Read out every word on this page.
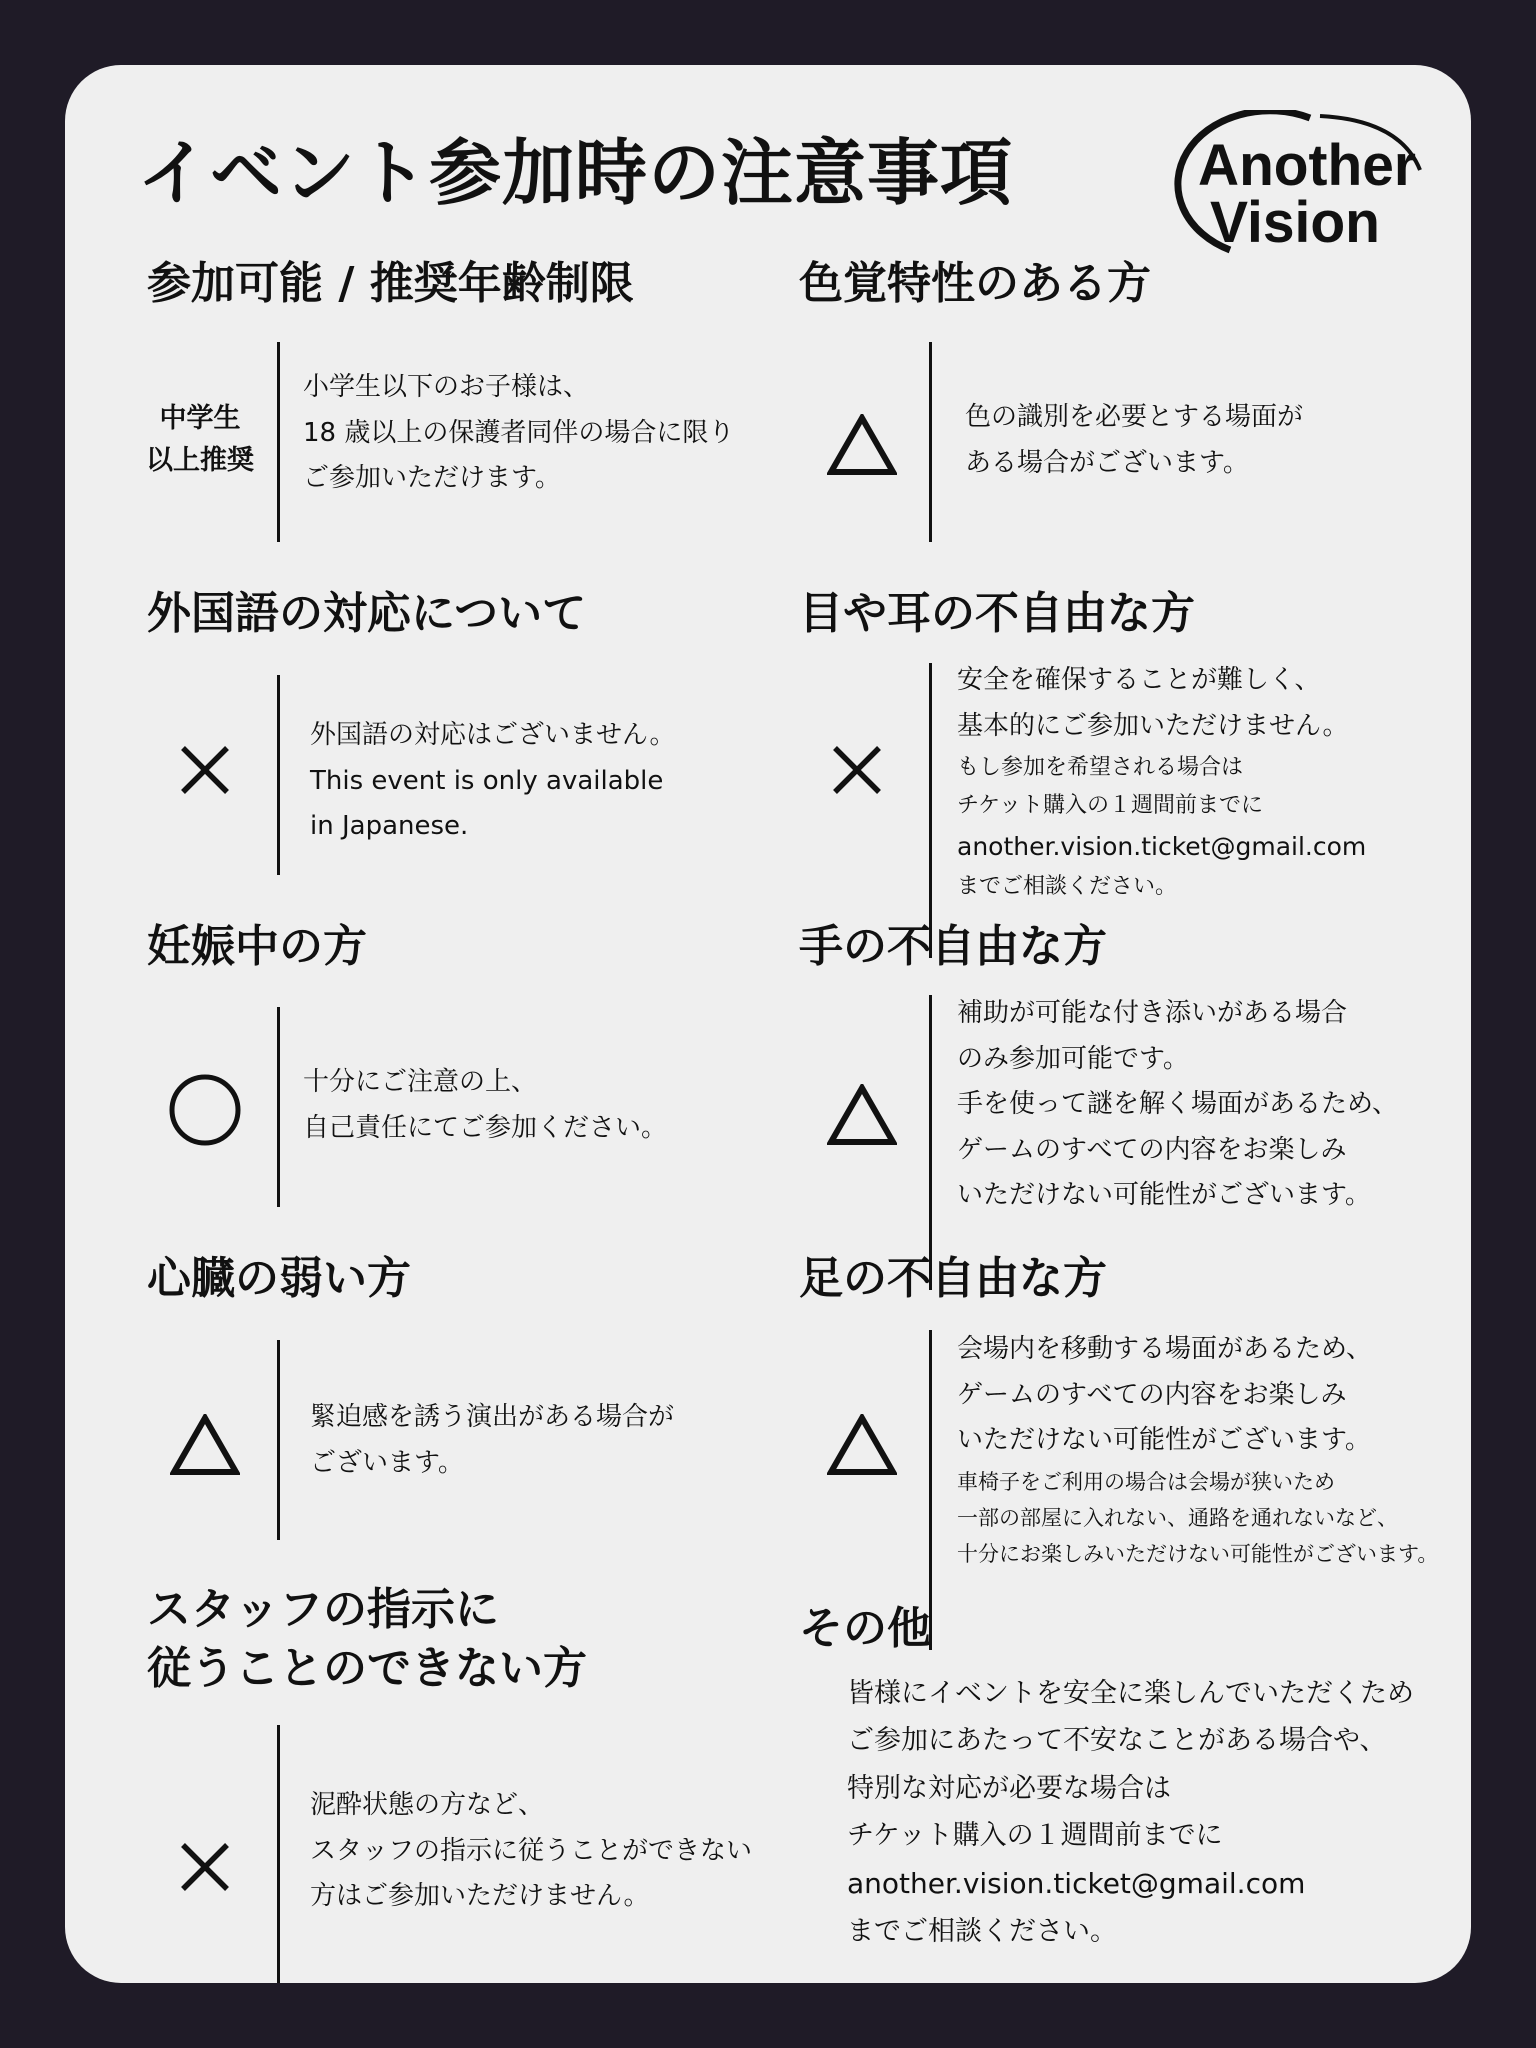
イベント参加時の注意事項	Another
Vision
参加可能 / 推奨年齢制限
中学生
以上推奨
小学生以下のお子様は、
18 歳以上の保護者同伴の場合に限り
ご参加いただけます。
色覚特性のある方
色の識別を必要とする場面が
ある場合がございます。
外国語の対応について
外国語の対応はございません。
This event is only available
in Japanese.
目や耳の不自由な方
安全を確保することが難しく、
基本的にご参加いただけません。
もし参加を希望される場合は
チケット購入の１週間前までに
another.vision.ticket@gmail.com
までご相談ください。
妊娠中の方
十分にご注意の上、
自己責任にてご参加ください。
手の不自由な方
補助が可能な付き添いがある場合
のみ参加可能です。
手を使って謎を解く場面があるため、
ゲームのすべての内容をお楽しみ
いただけない可能性がございます。
心臓の弱い方
緊迫感を誘う演出がある場合が
ございます。
足の不自由な方
会場内を移動する場面があるため、
ゲームのすべての内容をお楽しみ
いただけない可能性がございます。
車椅子をご利用の場合は会場が狭いため
一部の部屋に入れない、通路を通れないなど、
十分にお楽しみいただけない可能性がございます。
スタッフの指示に
従うことのできない方
泥酔状態の方など、
スタッフの指示に従うことができない
方はご参加いただけません。
その他
皆様にイベントを安全に楽しんでいただくため
ご参加にあたって不安なことがある場合や、
特別な対応が必要な場合は
チケット購入の１週間前までに
another.vision.ticket@gmail.com
までご相談ください。
